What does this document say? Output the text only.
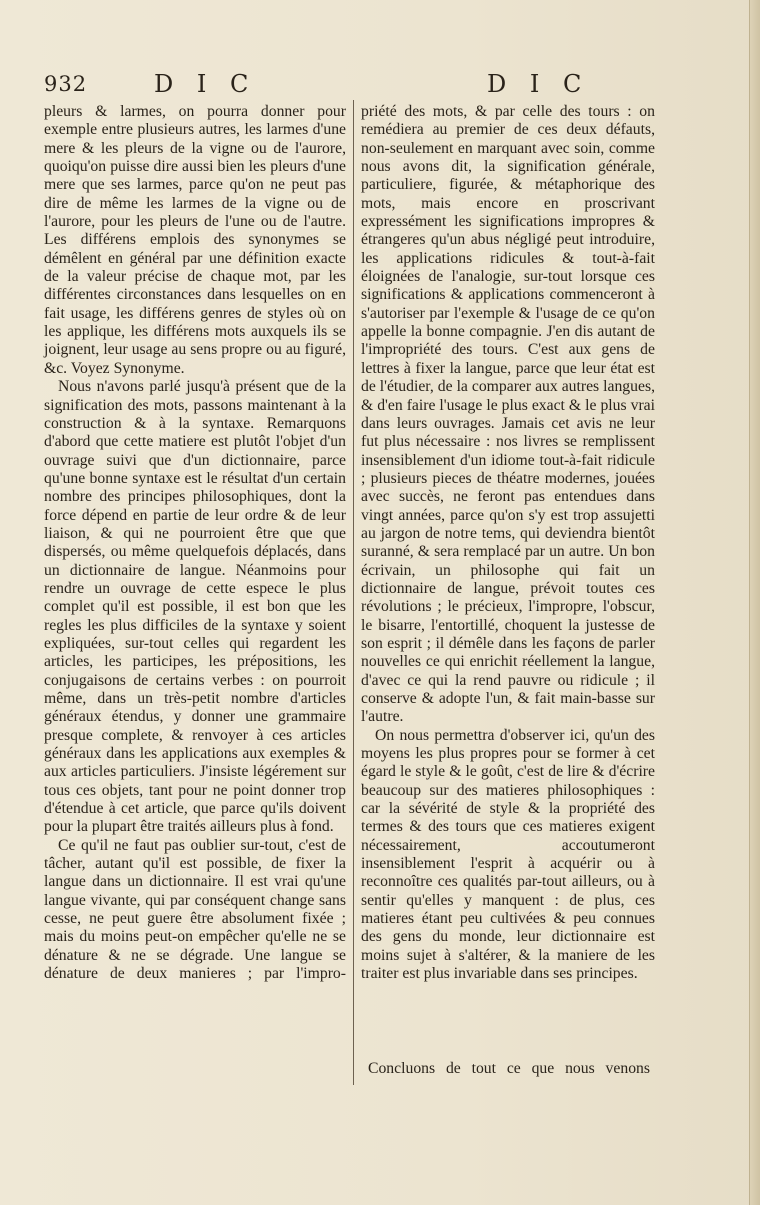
932	D I C	D I C

pleurs & larmes, on pourra donner pour exemple entre plusieurs autres, les larmes d'une mere & les pleurs de la vigne ou de l'aurore, quoiqu'on puisse dire aussi bien les pleurs d'une mere que ses larmes, parce qu'on ne peut pas dire de même les larmes de la vigne ou de l'aurore, pour les pleurs de l'une ou de l'autre. Les différens emplois des synonymes se démêlent en général par une définition exacte de la valeur précise de chaque mot, par les différentes circonstances dans lesquelles on en fait usage, les différens genres de styles où on les applique, les différens mots auxquels ils se joignent, leur usage au sens propre ou au figuré, &c. Voyez Synonyme.

Nous n'avons parlé jusqu'à présent que de la signification des mots, passons maintenant à la construction & à la syntaxe. Remarquons d'abord que cette matiere est plutôt l'objet d'un ouvrage suivi que d'un dictionnaire, parce qu'une bonne syntaxe est le résultat d'un certain nombre des principes philosophiques, dont la force dépend en partie de leur ordre & de leur liaison, & qui ne pourroient être que que dispersés, ou même quelquefois déplacés, dans un dictionnaire de langue. Néanmoins pour rendre un ouvrage de cette espece le plus complet qu'il est possible, il est bon que les regles les plus difficiles de la syntaxe y soient expliquées, sur-tout celles qui regardent les articles, les participes, les prépositions, les conjugaisons de certains verbes : on pourroit même, dans un très-petit nombre d'articles généraux étendus, y donner une grammaire presque complete, & renvoyer à ces articles généraux dans les applications aux exemples & aux articles particuliers. J'insiste légérement sur tous ces objets, tant pour ne point donner trop d'étendue à cet article, que parce qu'ils doivent pour la plupart être traités ailleurs plus à fond.

Ce qu'il ne faut pas oublier sur-tout, c'est de tâcher, autant qu'il est possible, de fixer la langue dans un dictionnaire. Il est vrai qu'une langue vivante, qui par conséquent change sans cesse, ne peut guere être absolument fixée ; mais du moins peut-on empêcher qu'elle ne se dénature & ne se dégrade. Une langue se dénature de deux manieres ; par l'impro-

priété des mots, & par celle des tours : on remédiera au premier de ces deux défauts, non-seulement en marquant avec soin, comme nous avons dit, la signification générale, particuliere, figurée, & métaphorique des mots, mais encore en proscrivant expressément les significations impropres & étrangeres qu'un abus négligé peut introduire, les applications ridicules & tout-à-fait éloignées de l'analogie, sur-tout lorsque ces significations & applications commenceront à s'autoriser par l'exemple & l'usage de ce qu'on appelle la bonne compagnie. J'en dis autant de l'impropriété des tours. C'est aux gens de lettres à fixer la langue, parce que leur état est de l'étudier, de la comparer aux autres langues, & d'en faire l'usage le plus exact & le plus vrai dans leurs ouvrages. Jamais cet avis ne leur fut plus nécessaire : nos livres se remplissent insensiblement d'un idiome tout-à-fait ridicule ; plusieurs pieces de théatre modernes, jouées avec succès, ne feront pas entendues dans vingt années, parce qu'on s'y est trop assujetti au jargon de notre tems, qui deviendra bientôt suranné, & sera remplacé par un autre. Un bon écrivain, un philosophe qui fait un dictionnaire de langue, prévoit toutes ces révolutions ; le précieux, l'impropre, l'obscur, le bisarre, l'entortillé, choquent la justesse de son esprit ; il démêle dans les façons de parler nouvelles ce qui enrichit réellement la langue, d'avec ce qui la rend pauvre ou ridicule ; il conserve & adopte l'un, & fait main-basse sur l'autre.

On nous permettra d'observer ici, qu'un des moyens les plus propres pour se former à cet égard le style & le goût, c'est de lire & d'écrire beaucoup sur des matieres philosophiques : car la sévérité de style & la propriété des termes & des tours que ces matieres exigent nécessairement, accoutumeront insensiblement l'esprit à acquérir ou à reconnoître ces qualités par-tout ailleurs, ou à sentir qu'elles y manquent : de plus, ces matieres étant peu cultivées & peu connues des gens du monde, leur dictionnaire est moins sujet à s'altérer, & la maniere de les traiter est plus invariable dans ses principes.

Concluons de tout ce que nous venons
